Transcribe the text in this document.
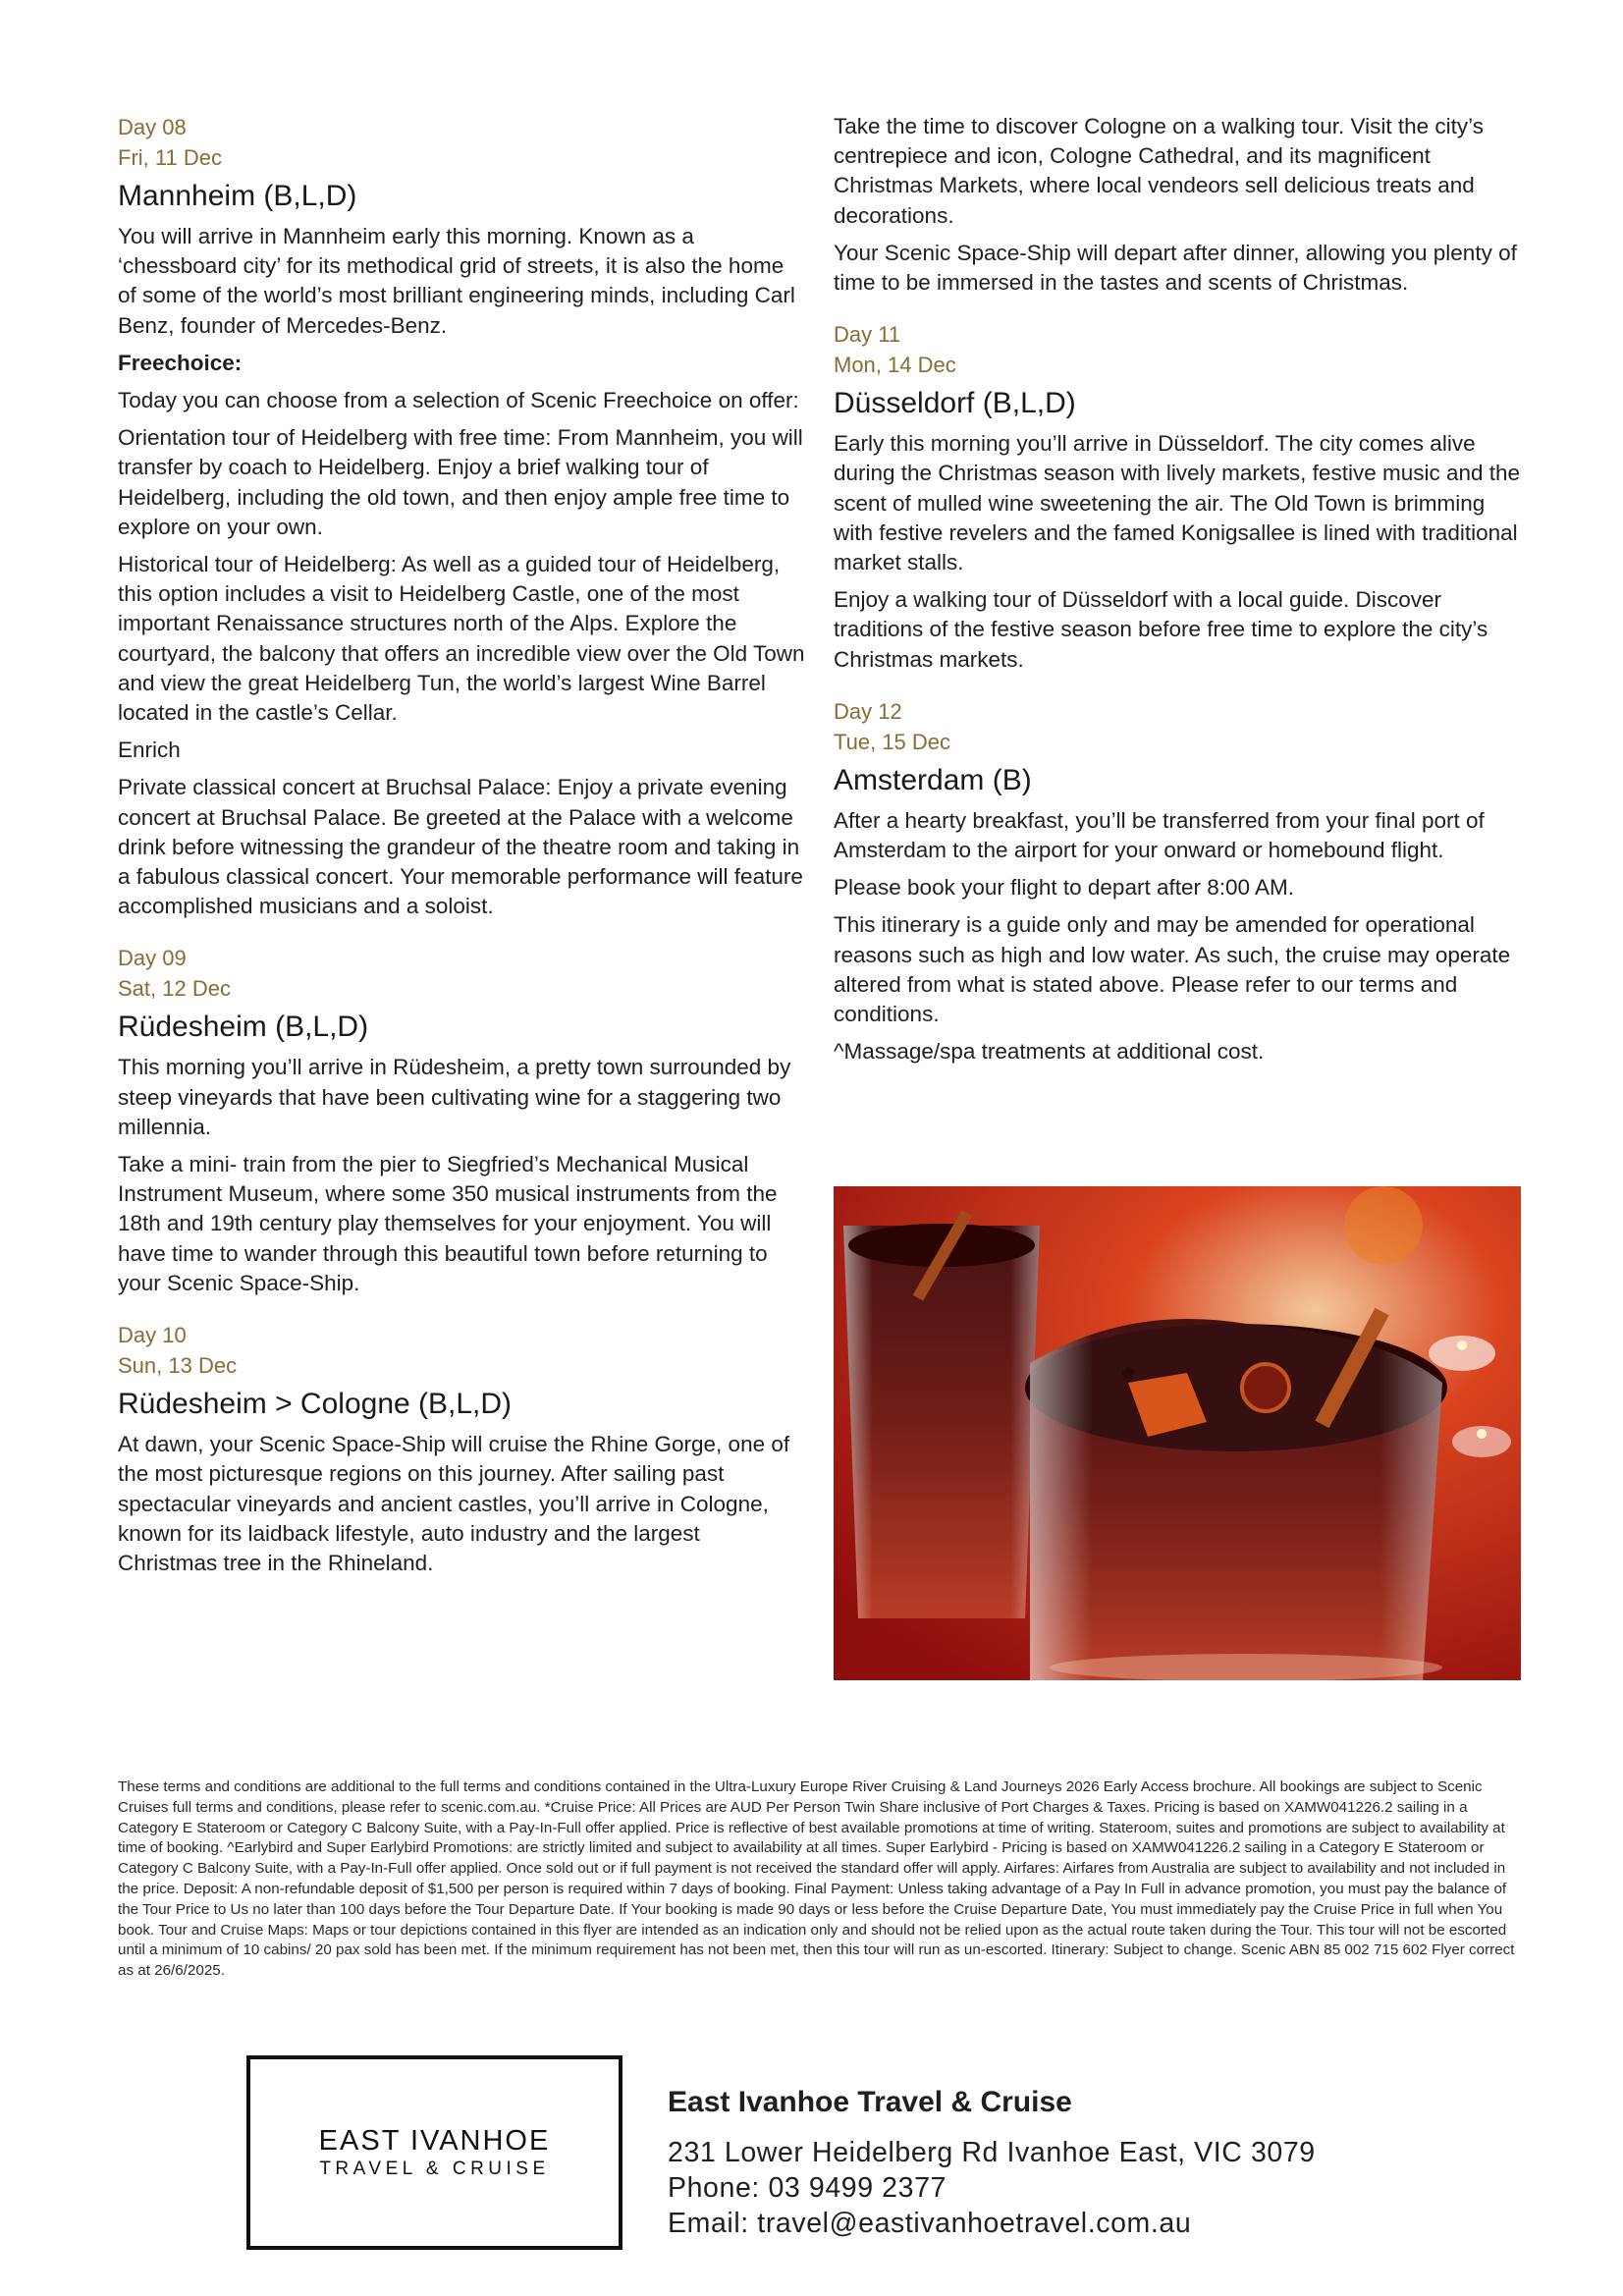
Day 08
Fri, 11 Dec
Mannheim (B,L,D)

You will arrive in Mannheim early this morning. Known as a ‘chessboard city’ for its methodical grid of streets, it is also the home of some of the world’s most brilliant engineering minds, including Carl Benz, founder of Mercedes-Benz.

Freechoice:

Today you can choose from a selection of Scenic Freechoice on offer:

Orientation tour of Heidelberg with free time: From Mannheim, you will transfer by coach to Heidelberg. Enjoy a brief walking tour of Heidelberg, including the old town, and then enjoy ample free time to explore on your own.

Historical tour of Heidelberg: As well as a guided tour of Heidelberg, this option includes a visit to Heidelberg Castle, one of the most important Renaissance structures north of the Alps. Explore the courtyard, the balcony that offers an incredible view over the Old Town and view the great Heidelberg Tun, the world’s largest Wine Barrel located in the castle’s Cellar.

Enrich

Private classical concert at Bruchsal Palace: Enjoy a private evening concert at Bruchsal Palace. Be greeted at the Palace with a welcome drink before witnessing the grandeur of the theatre room and taking in a fabulous classical concert. Your memorable performance will feature accomplished musicians and a soloist.

Day 09
Sat, 12 Dec
Rüdesheim (B,L,D)

This morning you’ll arrive in Rüdesheim, a pretty town surrounded by steep vineyards that have been cultivating wine for a staggering two millennia.

Take a mini- train from the pier to Siegfried’s Mechanical Musical Instrument Museum, where some 350 musical instruments from the 18th and 19th century play themselves for your enjoyment. You will have time to wander through this beautiful town before returning to your Scenic Space-Ship.

Day 10
Sun, 13 Dec
Rüdesheim > Cologne (B,L,D)

At dawn, your Scenic Space-Ship will cruise the Rhine Gorge, one of the most picturesque regions on this journey. After sailing past spectacular vineyards and ancient castles, you’ll arrive in Cologne, known for its laidback lifestyle, auto industry and the largest Christmas tree in the Rhineland.

Take the time to discover Cologne on a walking tour. Visit the city’s centrepiece and icon, Cologne Cathedral, and its magnificent Christmas Markets, where local vendeors sell delicious treats and decorations.

Your Scenic Space-Ship will depart after dinner, allowing you plenty of time to be immersed in the tastes and scents of Christmas.

Day 11
Mon, 14 Dec
Düsseldorf (B,L,D)

Early this morning you’ll arrive in Düsseldorf. The city comes alive during the Christmas season with lively markets, festive music and the scent of mulled wine sweetening the air. The Old Town is brimming with festive revelers and the famed Konigsallee is lined with traditional market stalls.

Enjoy a walking tour of Düsseldorf with a local guide. Discover traditions of the festive season before free time to explore the city’s Christmas markets.

Day 12
Tue, 15 Dec
Amsterdam (B)

After a hearty breakfast, you’ll be transferred from your final port of Amsterdam to the airport for your onward or homebound flight.

Please book your flight to depart after 8:00 AM.

This itinerary is a guide only and may be amended for operational reasons such as high and low water. As such, the cruise may operate altered from what is stated above. Please refer to our terms and conditions.

^Massage/spa treatments at additional cost.

These terms and conditions are additional to the full terms and conditions contained in the Ultra-Luxury Europe River Cruising & Land Journeys 2026 Early Access brochure. All bookings are subject to Scenic Cruises full terms and conditions, please refer to scenic.com.au. *Cruise Price: All Prices are AUD Per Person Twin Share inclusive of Port Charges & Taxes. Pricing is based on XAMW041226.2 sailing in a Category E Stateroom or Category C Balcony Suite, with a Pay-In-Full offer applied. Price is reflective of best available promotions at time of writing. Stateroom, suites and promotions are subject to availability at time of booking. ^Earlybird and Super Earlybird Promotions: are strictly limited and subject to availability at all times. Super Earlybird - Pricing is based on XAMW041226.2 sailing in a Category E Stateroom or Category C Balcony Suite, with a Pay-In-Full offer applied. Once sold out or if full payment is not received the standard offer will apply. Airfares: Airfares from Australia are subject to availability and not included in the price. Deposit: A non-refundable deposit of $1,500 per person is required within 7 days of booking. Final Payment: Unless taking advantage of a Pay In Full in advance promotion, you must pay the balance of the Tour Price to Us no later than 100 days before the Tour Departure Date. If Your booking is made 90 days or less before the Cruise Departure Date, You must immediately pay the Cruise Price in full when You book. Tour and Cruise Maps: Maps or tour depictions contained in this flyer are intended as an indication only and should not be relied upon as the actual route taken during the Tour. This tour will not be escorted until a minimum of 10 cabins/ 20 pax sold has been met. If the minimum requirement has not been met, then this tour will run as un-escorted. Itinerary: Subject to change. Scenic ABN 85 002 715 602 Flyer correct as at 26/6/2025.

EAST IVANHOE
TRAVEL & CRUISE
East Ivanhoe Travel & Cruise
231 Lower Heidelberg Rd Ivanhoe East, VIC 3079
Phone: 03 9499 2377
Email: travel@eastivanhoetravel.com.au
